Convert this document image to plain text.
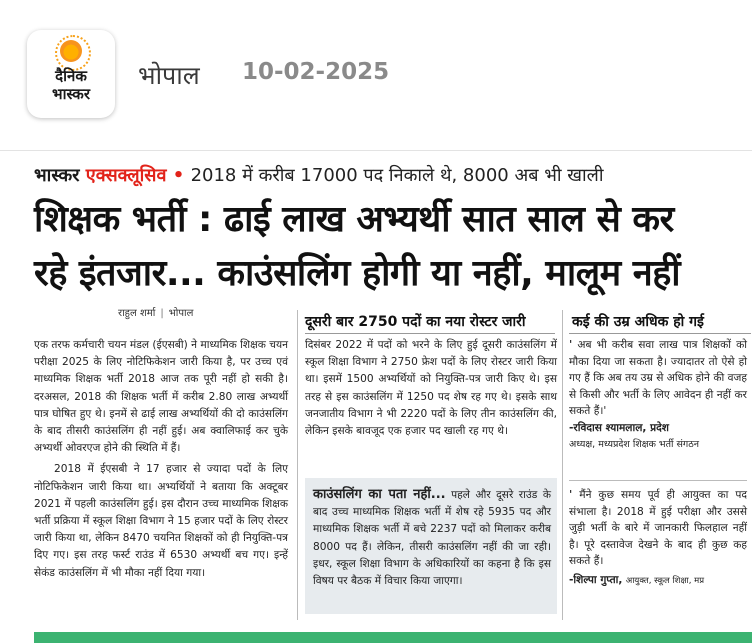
दैनिक
भास्कर
भोपाल 10-02-2025
भास्कर एक्सक्लूसिव • 2018 में करीब 17000 पद निकाले थे, 8000 अब भी खाली
शिक्षक भर्ती : ढाई लाख अभ्यर्थी सात साल से कर
रहे इंतजार... काउंसलिंग होगी या नहीं, मालूम नहीं
राहुल शर्मा | भोपाल

एक तरफ कर्मचारी चयन मंडल (ईएसबी) ने माध्यमिक शिक्षक चयन परीक्षा 2025 के लिए नोटिफिकेशन जारी किया है, पर उच्च एवं माध्यमिक शिक्षक भर्ती 2018 आज तक पूरी नहीं हो सकी है। दरअसल, 2018 की शिक्षक भर्ती में करीब 2.80 लाख अभ्यर्थी पात्र घोषित हुए थे। इनमें से ढाई लाख अभ्यर्थियों की दो काउंसलिंग के बाद तीसरी काउंसलिंग ही नहीं हुई। अब क्वालिफाई कर चुके अभ्यर्थी ओवरएज होने की स्थिति में हैं।

2018 में ईएसबी ने 17 हजार से ज्यादा पदों के लिए नोटिफिकेशन जारी किया था। अभ्यर्थियों ने बताया कि अक्टूबर 2021 में पहली काउंसलिंग हुई। इस दौरान उच्च माध्यमिक शिक्षक भर्ती प्रक्रिया में स्कूल शिक्षा विभाग ने 15 हजार पदों के लिए रोस्टर जारी किया था, लेकिन 8470 चयनित शिक्षकों को ही नियुक्ति-पत्र दिए गए। इस तरह फर्स्ट राउंड में 6530 अभ्यर्थी बच गए। इन्हें सेकंड काउंसलिंग में भी मौका नहीं दिया गया।

दूसरी बार 2750 पदों का नया रोस्टर जारी

दिसंबर 2022 में पदों को भरने के लिए हुई दूसरी काउंसलिंग में स्कूल शिक्षा विभाग ने 2750 फ्रेश पदों के लिए रोस्टर जारी किया था। इसमें 1500 अभ्यर्थियों को नियुक्ति-पत्र जारी किए थे। इस तरह से इस काउंसलिंग में 1250 पद शेष रह गए थे। इसके साथ जनजातीय विभाग ने भी 2220 पदों के लिए तीन काउंसलिंग की, लेकिन इसके बावजूद एक हजार पद खाली रह गए थे।

काउंसलिंग का पता नहीं... पहले और दूसरे राउंड के बाद उच्च माध्यमिक शिक्षक भर्ती में शेष रहे 5935 पद और माध्यमिक शिक्षक भर्ती में बचे 2237 पदों को मिलाकर करीब 8000 पद हैं। लेकिन, तीसरी काउंसलिंग नहीं की जा रही। इधर, स्कूल शिक्षा विभाग के अधिकारियों का कहना है कि इस विषय पर बैठक में विचार किया जाएगा।
कई की उम्र अधिक हो गई

' अब भी करीब सवा लाख पात्र शिक्षकों को मौका दिया जा सकता है। ज्यादातर तो ऐसे हो गए हैं कि अब तय उम्र से अधिक होने की वजह से किसी और भर्ती के लिए आवेदन ही नहीं कर सकते हैं।'

-रविदास श्यामलाल, प्रदेश
अध्यक्ष, मध्यप्रदेश शिक्षक भर्ती संगठन

' मैंने कुछ समय पूर्व ही आयुक्त का पद संभाला है। 2018 में हुई परीक्षा और उससे जुड़ी भर्ती के बारे में जानकारी फिलहाल नहीं है। पूरे दस्तावेज देखने के बाद ही कुछ कह सकते हैं।

-शिल्पा गुप्ता, आयुक्त, स्कूल शिक्षा, मप्र
